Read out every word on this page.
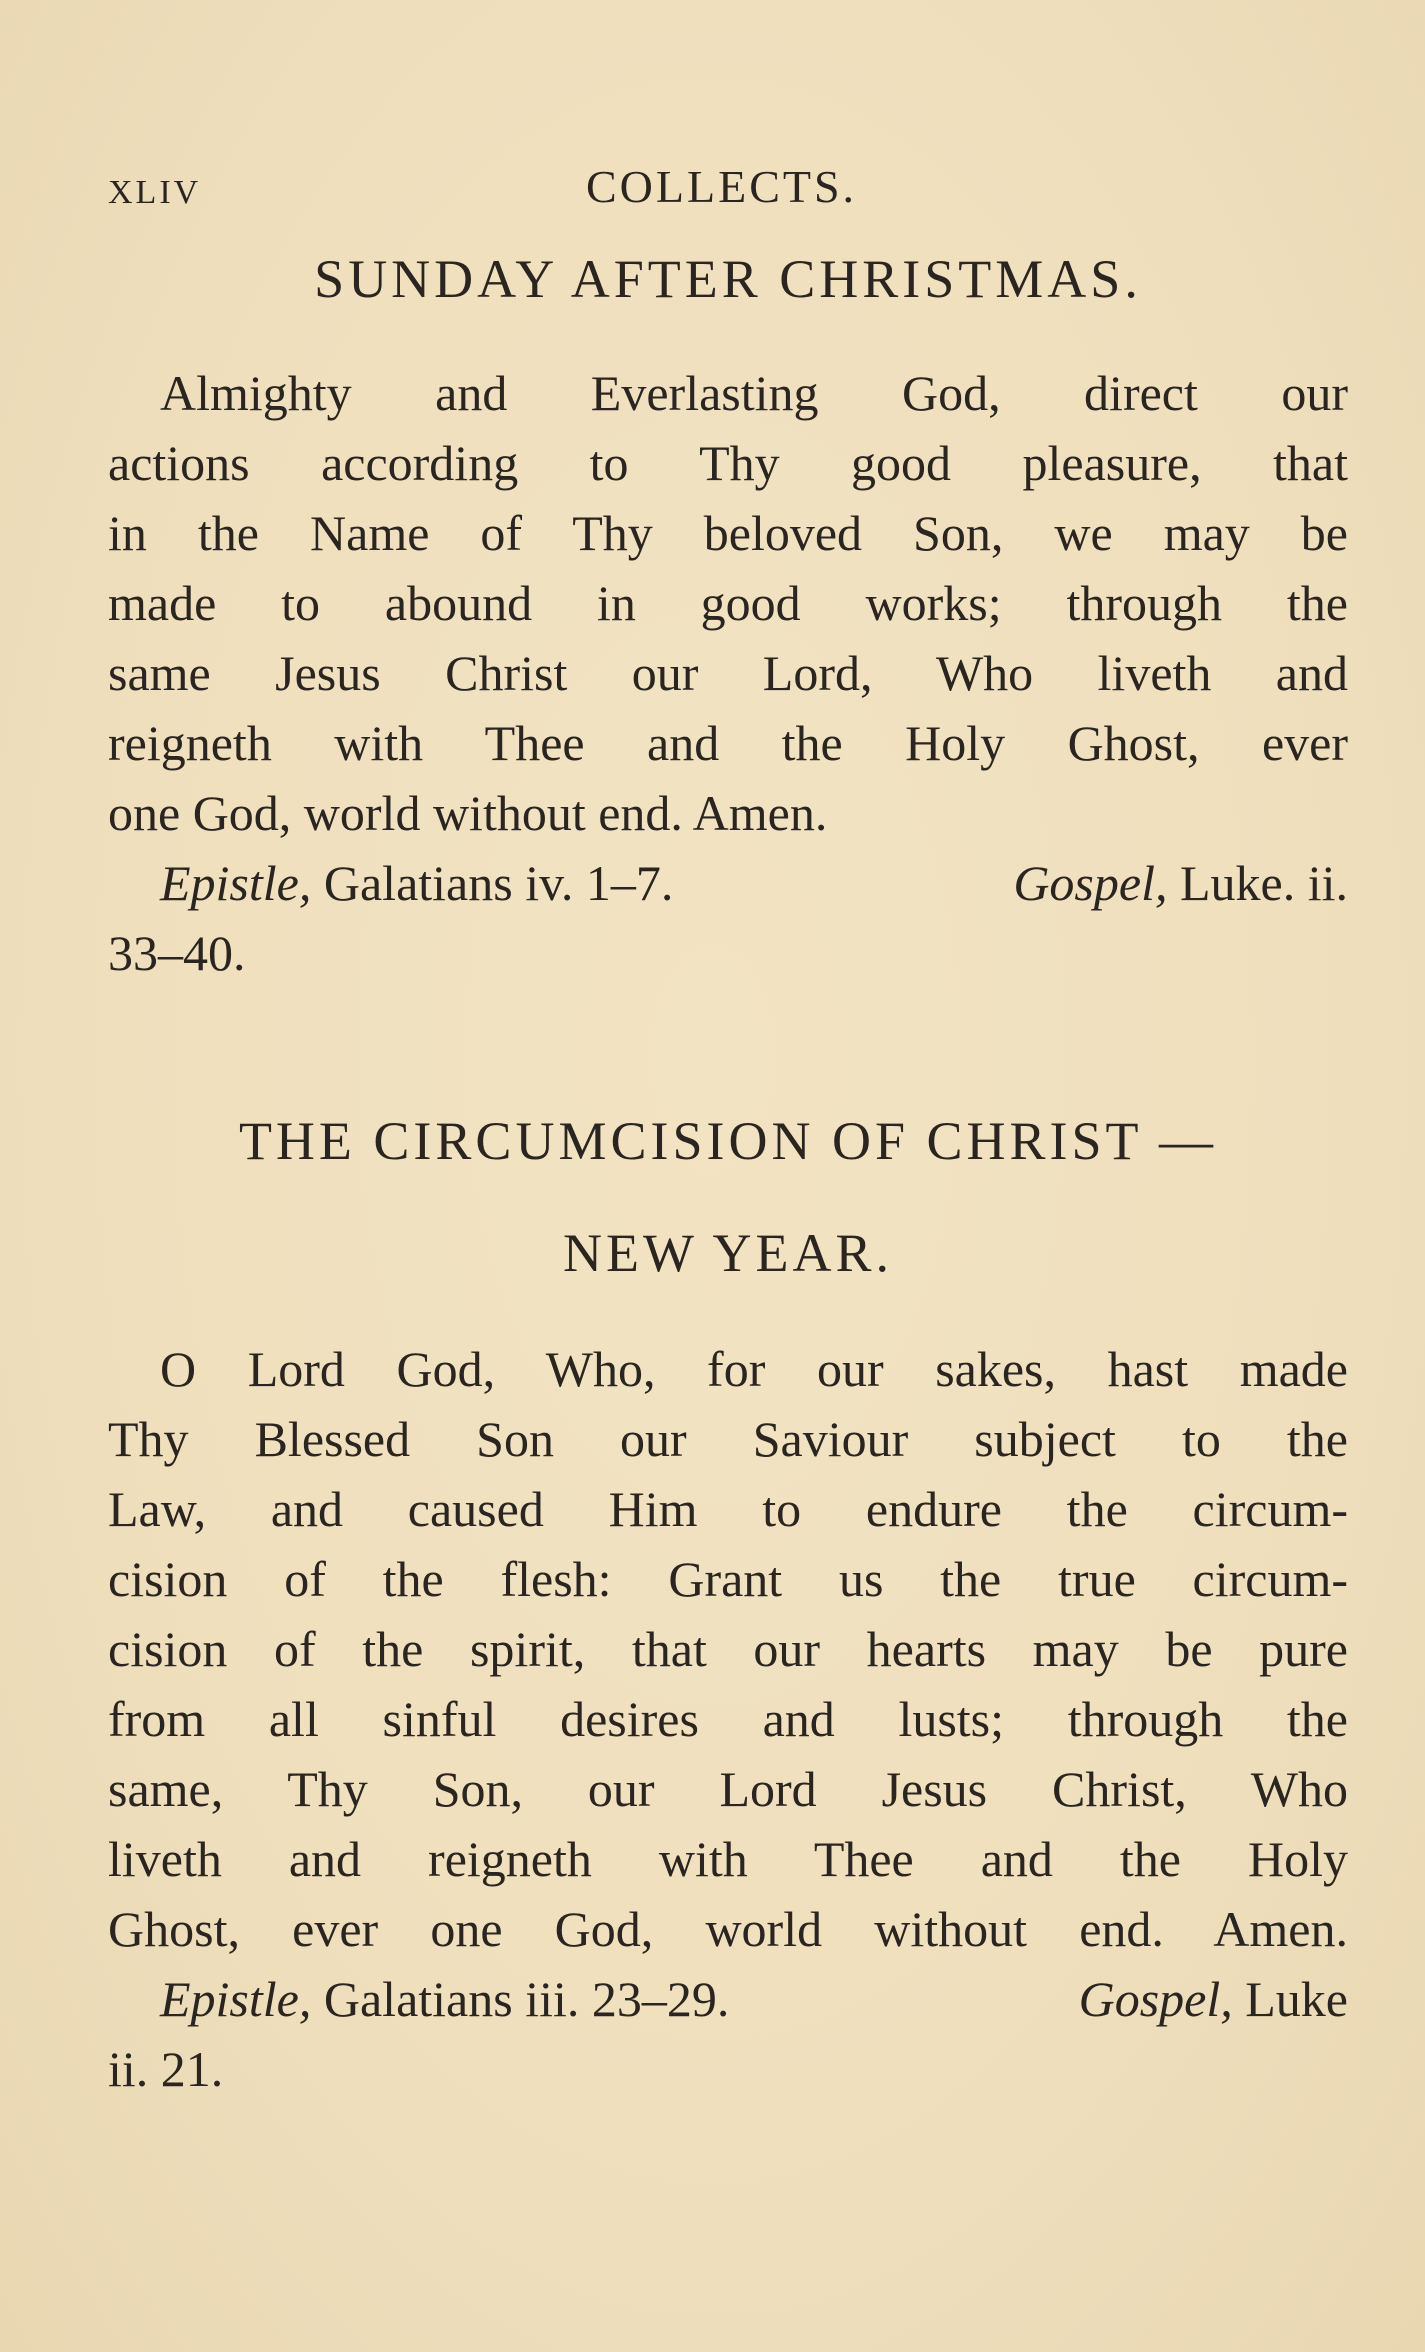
XLIV	COLLECTS.
SUNDAY AFTER CHRISTMAS.
Almighty and Everlasting God, direct our
actions according to Thy good pleasure, that
in the Name of Thy beloved Son, we may be
made to abound in good works; through the
same Jesus Christ our Lord, Who liveth and
reigneth with Thee and the Holy Ghost, ever
one God, world without end. Amen.
Epistle, Galatians iv. 1–7.	Gospel, Luke. ii.
33–40.
THE CIRCUMCISION OF CHRIST —
NEW YEAR.
O Lord God, Who, for our sakes, hast made
Thy Blessed Son our Saviour subject to the
Law, and caused Him to endure the circum-
cision of the flesh: Grant us the true circum-
cision of the spirit, that our hearts may be pure
from all sinful desires and lusts; through the
same, Thy Son, our Lord Jesus Christ, Who
liveth and reigneth with Thee and the Holy
Ghost, ever one God, world without end. Amen.
Epistle, Galatians iii. 23–29.	Gospel, Luke
ii. 21.
